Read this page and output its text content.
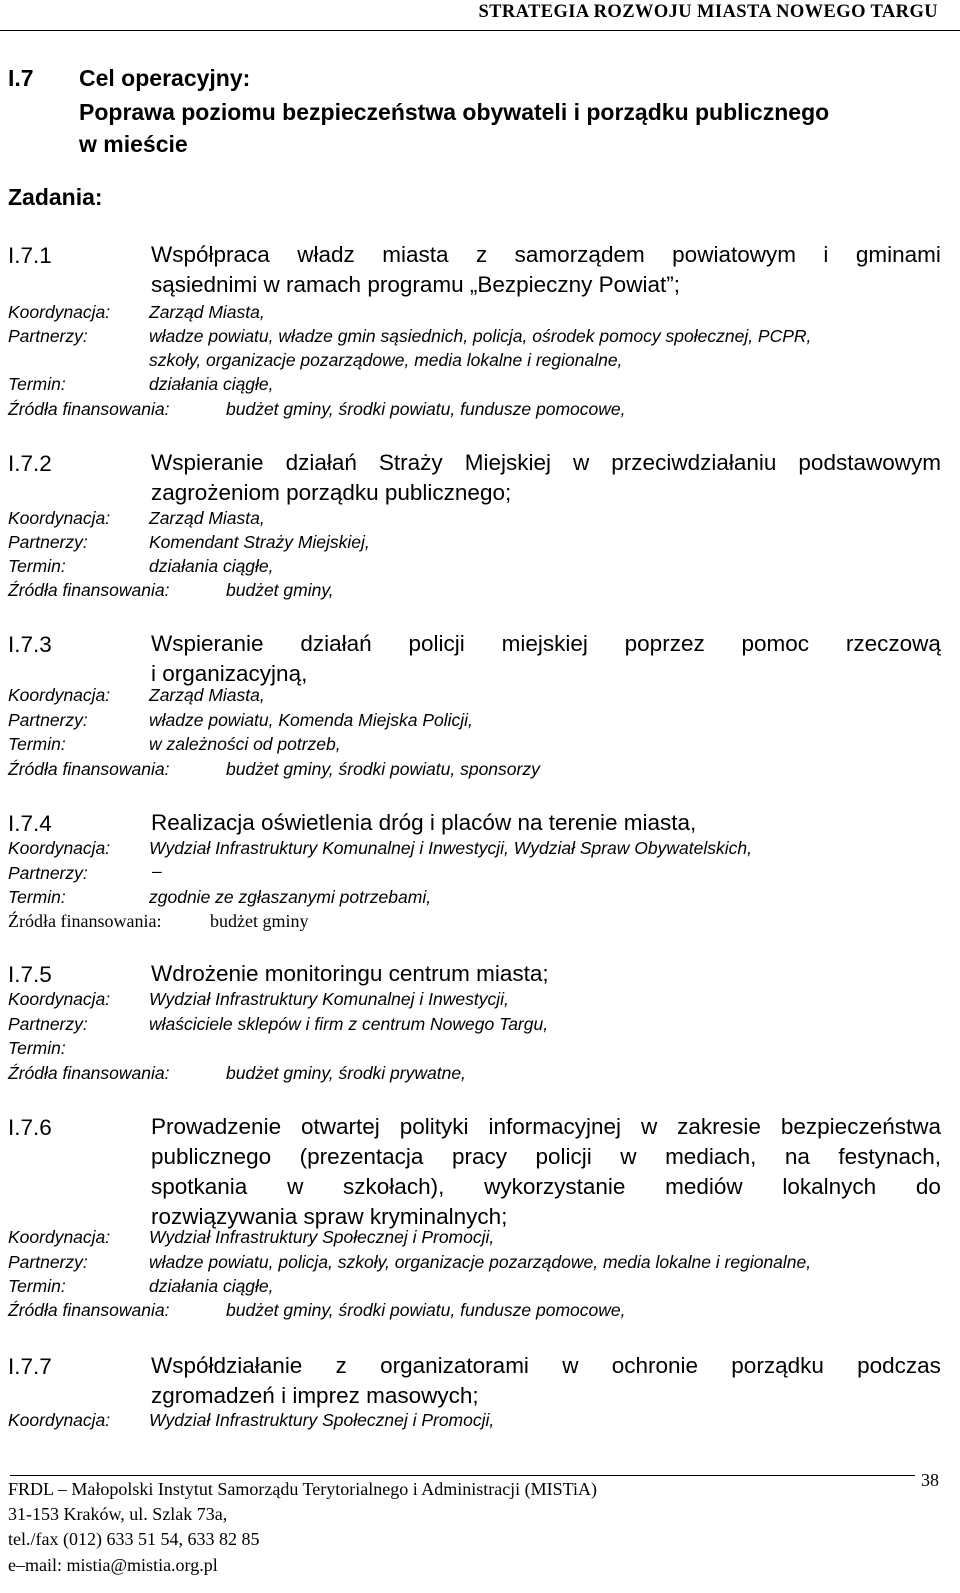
STRATEGIA ROZWOJU MIASTA NOWEGO TARGU
I.7 Cel operacyjny:
Poprawa poziomu bezpieczeństwa obywateli i porządku publicznego
w mieście
Zadania:
I.7.1	Współpraca władz miasta z samorządem powiatowym i gminami
sąsiednimi w ramach programu „Bezpieczny Powiat”;
Koordynacja: Zarząd Miasta,
Partnerzy:	władze powiatu, władze gmin sąsiednich, policja, ośrodek pomocy społecznej, PCPR,
szkoły, organizacje pozarządowe, media lokalne i regionalne,
Termin:	działania ciągłe,
Źródła finansowania:	budżet gminy, środki powiatu, fundusze pomocowe,
I.7.2	Wspieranie działań Straży Miejskiej w przeciwdziałaniu podstawowym
zagrożeniom porządku publicznego;
Koordynacja: Zarząd Miasta,
Partnerzy:	Komendant Straży Miejskiej,
Termin:	działania ciągłe,
Źródła finansowania:	budżet gminy,
I.7.3	Wspieranie działań policji miejskiej poprzez pomoc rzeczową
i organizacyjną,
Koordynacja: Zarząd Miasta,
Partnerzy:	władze powiatu, Komenda Miejska Policji,
Termin:	w zależności od potrzeb,
Źródła finansowania:	budżet gminy, środki powiatu, sponsorzy
I.7.4	Realizacja oświetlenia dróg i placów na terenie miasta,
Koordynacja: Wydział Infrastruktury Komunalnej i Inwestycji, Wydział Spraw Obywatelskich,
Partnerzy:	–
Termin:	zgodnie ze zgłaszanymi potrzebami,
Źródła finansowania:	budżet gminy
I.7.5	Wdrożenie monitoringu centrum miasta;
Koordynacja: Wydział Infrastruktury Komunalnej i Inwestycji,
Partnerzy:	właściciele sklepów i firm z centrum Nowego Targu,
Termin:
Źródła finansowania:	budżet gminy, środki prywatne,
I.7.6	Prowadzenie otwartej polityki informacyjnej w zakresie bezpieczeństwa
publicznego (prezentacja pracy policji w mediach, na festynach,
spotkania w szkołach), wykorzystanie mediów lokalnych do
rozwiązywania spraw kryminalnych;
Koordynacja: Wydział Infrastruktury Społecznej i Promocji,
Partnerzy:	władze powiatu, policja, szkoły, organizacje pozarządowe, media lokalne i regionalne,
Termin:	działania ciągłe,
Źródła finansowania:	budżet gminy, środki powiatu, fundusze pomocowe,
I.7.7	Współdziałanie z organizatorami w ochronie porządku podczas
zgromadzeń i imprez masowych;
Koordynacja: Wydział Infrastruktury Społecznej i Promocji,
FRDL – Małopolski Instytut Samorządu Terytorialnego i Administracji (MISTiA)
31-153 Kraków, ul. Szlak 73a,
tel./fax (012) 633 51 54, 633 82 85
e–mail: mistia@mistia.org.pl
38
